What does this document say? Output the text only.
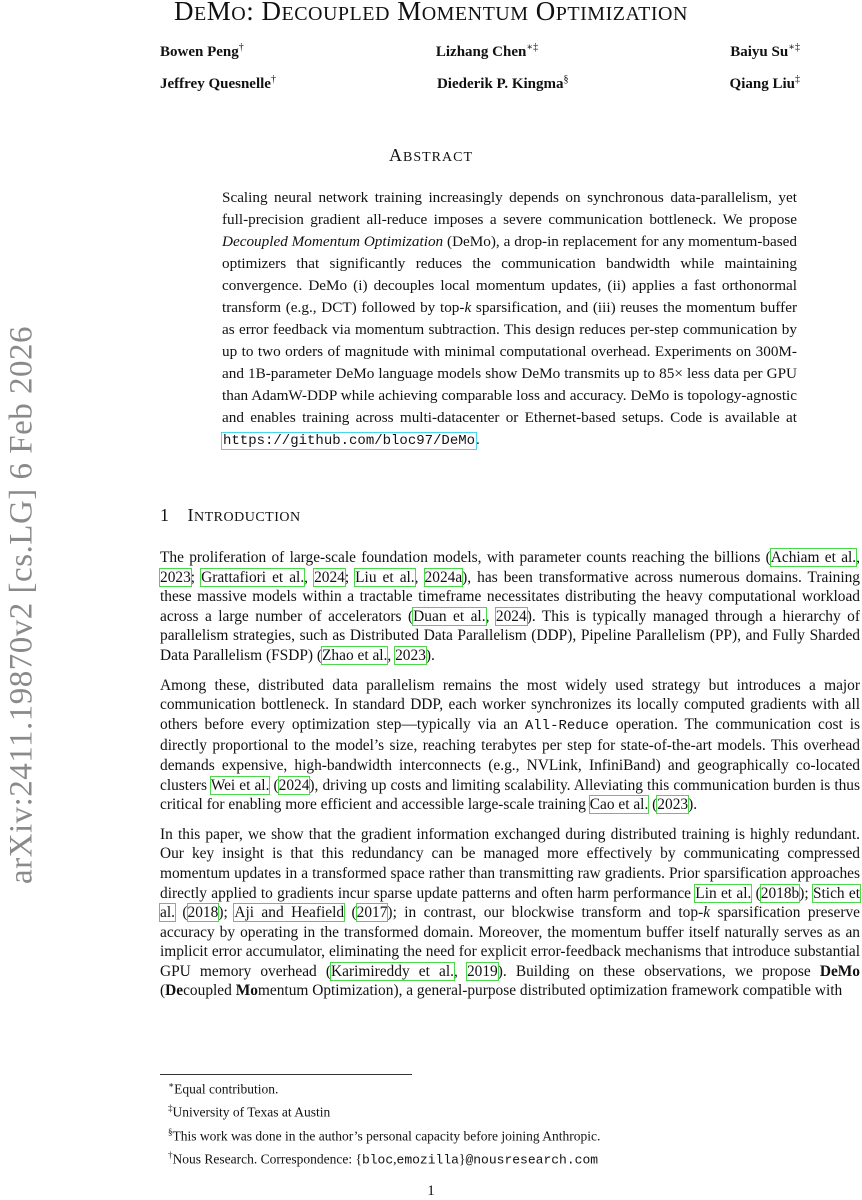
arXiv:2411.19870v2 [cs.LG] 6 Feb 2026
DEMO: DECOUPLED MOMENTUM OPTIMIZATION
Bowen Peng†	Lizhang Chen∗‡	Baiyu Su∗‡
Jeffrey Quesnelle†	Diederik P. Kingma§	Qiang Liu‡
ABSTRACT
Scaling neural network training increasingly depends on synchronous data-parallelism, yet full-precision gradient all-reduce imposes a severe communication bottleneck. We propose Decoupled Momentum Optimization (DeMo), a drop-in replacement for any momentum-based optimizers that significantly reduces the communication bandwidth while maintaining convergence. DeMo (i) decouples local momentum updates, (ii) applies a fast orthonormal transform (e.g., DCT) followed by top-k sparsification, and (iii) reuses the momentum buffer as error feedback via momentum subtraction. This design reduces per-step communication by up to two orders of magnitude with minimal computational overhead. Experiments on 300M- and 1B-parameter DeMo language models show DeMo transmits up to 85× less data per GPU than AdamW-DDP while achieving comparable loss and accuracy. DeMo is topology-agnostic and enables training across multi-datacenter or Ethernet-based setups. Code is available at https://github.com/bloc97/DeMo.
1 INTRODUCTION

The proliferation of large-scale foundation models, with parameter counts reaching the billions (Achiam et al., 2023; Grattafiori et al., 2024; Liu et al., 2024a), has been transformative across numerous domains. Training these massive models within a tractable timeframe necessitates distributing the heavy computational workload across a large number of accelerators (Duan et al., 2024). This is typically managed through a hierarchy of parallelism strategies, such as Distributed Data Parallelism (DDP), Pipeline Parallelism (PP), and Fully Sharded Data Parallelism (FSDP) (Zhao et al., 2023).

Among these, distributed data parallelism remains the most widely used strategy but introduces a major communication bottleneck. In standard DDP, each worker synchronizes its locally computed gradients with all others before every optimization step—typically via an All-Reduce operation. The communication cost is directly proportional to the model’s size, reaching terabytes per step for state-of-the-art models. This overhead demands expensive, high-bandwidth interconnects (e.g., NVLink, InfiniBand) and geographically co-located clusters Wei et al. (2024), driving up costs and limiting scalability. Alleviating this communication burden is thus critical for enabling more efficient and accessible large-scale training Cao et al. (2023).

In this paper, we show that the gradient information exchanged during distributed training is highly redundant. Our key insight is that this redundancy can be managed more effectively by communicating compressed momentum updates in a transformed space rather than transmitting raw gradients. Prior sparsification approaches directly applied to gradients incur sparse update patterns and often harm performance Lin et al. (2018b); Stich et al. (2018); Aji and Heafield (2017); in contrast, our blockwise transform and top-k sparsification preserve accuracy by operating in the transformed domain. Moreover, the momentum buffer itself naturally serves as an implicit error accumulator, eliminating the need for explicit error-feedback mechanisms that introduce substantial GPU memory overhead (Karimireddy et al., 2019). Building on these observations, we propose DeMo (Decoupled Momentum Optimization), a general-purpose distributed optimization framework compatible with

∗Equal contribution.
‡University of Texas at Austin
§This work was done in the author’s personal capacity before joining Anthropic.
†Nous Research. Correspondence: {bloc,emozilla}@nousresearch.com
1
